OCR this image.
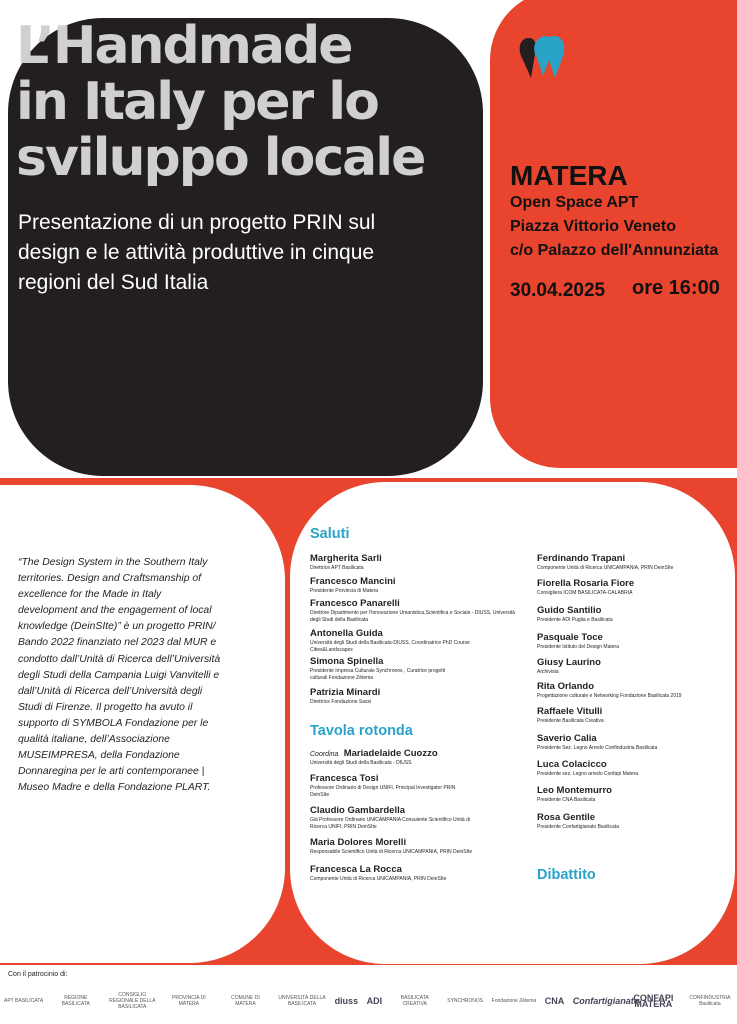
L’Handmade
in Italy per lo
sviluppo locale

Presentazione di un progetto PRIN sul design e le attività produttive in cinque regioni del Sud Italia

MATERA

Open Space APT

Piazza Vittorio Veneto

c/o Palazzo dell'Annunziata

30.04.2025 ore 16:00

“The Design System in the Southern Italy territories. Design and Craftsmanship of excellence for the Made in Italy development and the engagement of local knowledge (DeinSIte)” è un progetto PRIN/ Bando 2022 finanziato nel 2023 dal MUR e condotto dall’Unità di Ricerca dell’Università degli Studi della Campania Luigi Vanvitelli e dall’Unità di Ricerca dell’Università degli Studi di Firenze. Il progetto ha avuto il supporto di SYMBOLA Fondazione per le qualità italiane, dell’Associazione MUSEIMPRESA, della Fondazione Donnaregina per le arti contemporanee | Museo Madre e della Fondazione PLART.

Saluti
Tavola rotonda
Dibattito
Margherita Sarli
Direttrice APT Basilicata
Francesco Mancini
Presidente Provincia di Matera
Francesco Panarelli
Direttore Dipartimento per l’Innovazione Umanistica,Scientifica e Sociale - DIUSS, Università degli Studi della Basilicata
Antonella Guida
Università degli Studi della Basilicata-DIUSS, Coordinatrice PhD Course Cities&Landscapes
Simona Spinella
Presidente Impresa Culturale Synchronos , Curatrice progetti culturali Fondazione Zètema
Patrizia Minardi
Direttrice Fondazione Sassi
Coordina Mariadelaide Cuozzo
Università degli Studi della Basilicata - DIUSS
Francesca Tosi
Professore Ordinario di Design UNIFI, Principal Investigator PRIN DeinSIte
Claudio Gambardella
Già Professore Ordinario UNICAMPANIA Consulente Scientifico Unità di Ricerca UNIFI, PRIN DeinSIte
Maria Dolores Morelli
Responsabile Scientifico Unità di Ricerca UNICAMPANIA, PRIN DeinSIte
Francesca La Rocca
Componente Unità di Ricerca UNICAMPANIA, PRIN DeinSIte
Ferdinando Trapani
Componente Unità di Ricerca UNICAMPANIA, PRIN DeinSIte
Fiorella Rosaria Fiore
Consigliera ICOM BASILICATA-CALABRIA
Guido Santilio
Presidente ADI Puglia e Basilicata
Pasquale Toce
Presidente Istituto del Design Matera
Giusy Laurino
Archivista
Rita Orlando
Progettazione culturale e Networking Fondazione Basilicata 2019
Raffaele Vitulli
Presidente Basilicata Creativa
Saverio Calia
Presidente Sez. Legno Arredo Confindustria Basilicata
Luca Colacicco
Presidente sez. Legno arredo Confapi Matera
Leo Montemurro
Presidente CNA Basilicata
Rosa Gentile
Presidente Confartigianato Basilicata
Con il patrocinio di:
APT BASILICATA	REGIONE BASILICATA
CONSIGLIO REGIONALE DELLA BASILICATA
PROVINCIA DI MATERA
COMUNE DI MATERA
UNIVERSITÀ DELLA BASILICATA	diuss ADI	BASILICATA CREATIVA	SYNCHRONOS Fondazione Zètema CNA Confartigianato
CONFAPI MATERA
CONFINDUSTRIA Basilicata
